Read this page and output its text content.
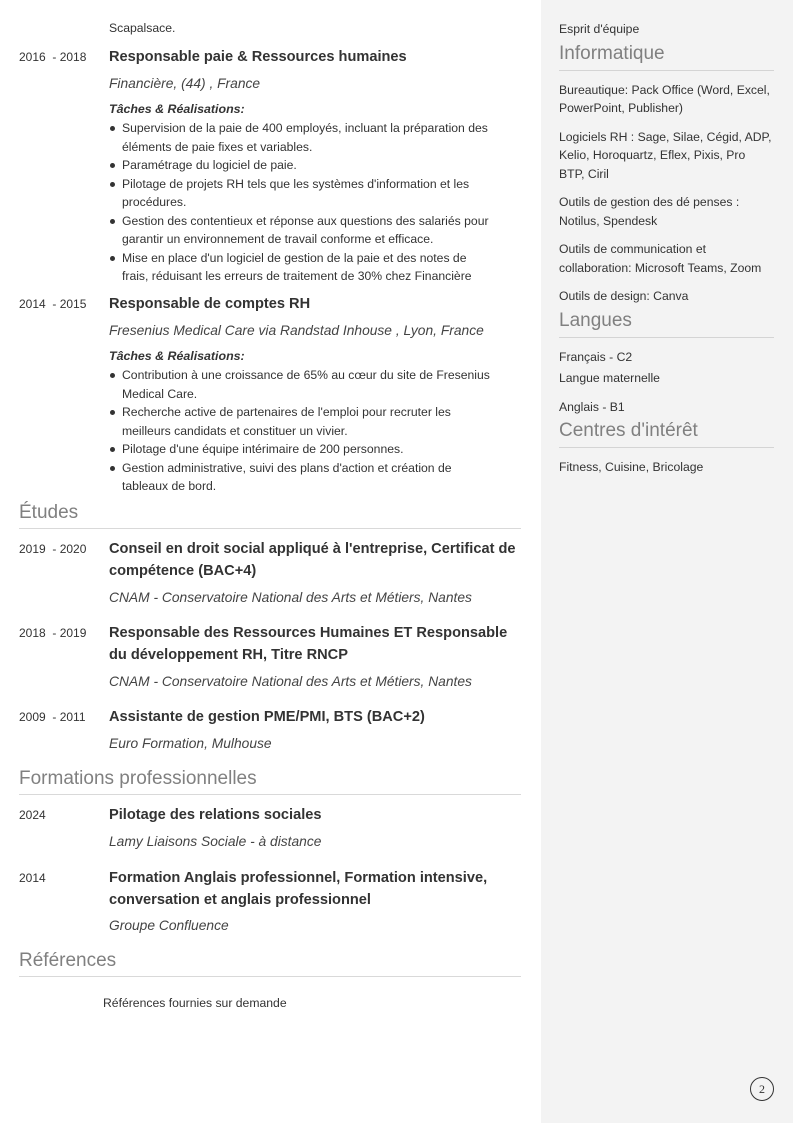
Scapalsace.
2016  - 2018 Responsable paie & Ressources humaines
Financière, (44) , France
Tâches & Réalisations:
Supervision de la paie de 400 employés, incluant la préparation des éléments de paie fixes et variables.
Paramétrage du logiciel de paie.
Pilotage de projets RH tels que les systèmes d'information et les procédures.
Gestion des contentieux et réponse aux questions des salariés pour garantir un environnement de travail conforme et efficace.
Mise en place d'un logiciel de gestion de la paie et des notes de frais, réduisant les erreurs de traitement de 30% chez Financière
2014  - 2015 Responsable de comptes RH
Fresenius Medical Care via Randstad Inhouse , Lyon, France
Tâches & Réalisations:
Contribution à une croissance de 65% au cœur du site de Fresenius Medical Care.
Recherche active de partenaires de l'emploi pour recruter les meilleurs candidats et constituer un vivier.
Pilotage d'une équipe intérimaire de 200 personnes.
Gestion administrative, suivi des plans d'action et création de tableaux de bord.
Études
2019  - 2020 Conseil en droit social appliqué à l'entreprise, Certificat de compétence (BAC+4)
CNAM - Conservatoire National des Arts et Métiers, Nantes
2018  - 2019 Responsable des Ressources Humaines ET Responsable du développement RH, Titre RNCP
CNAM - Conservatoire National des Arts et Métiers, Nantes
2009  - 2011 Assistante de gestion PME/PMI, BTS (BAC+2)
Euro Formation, Mulhouse
Formations professionnelles
2024	Pilotage des relations sociales
Lamy Liaisons Sociale - à distance
2014	Formation Anglais professionnel, Formation intensive, conversation et anglais professionnel
Groupe Confluence
Références
Références fournies sur demande
Esprit d'équipe
Informatique
Bureautique: Pack Office (Word, Excel, PowerPoint, Publisher)
Logiciels RH : Sage, Silae, Cégid, ADP, Kelio, Horoquartz, Eflex, Pixis, Pro BTP, Ciril
Outils de gestion des dé penses : Notilus, Spendesk
Outils de communication et collaboration: Microsoft Teams, Zoom
Outils de design: Canva
Langues
Français - C2
Langue maternelle
Anglais - B1
Centres d'intérêt
Fitness, Cuisine, Bricolage
2
